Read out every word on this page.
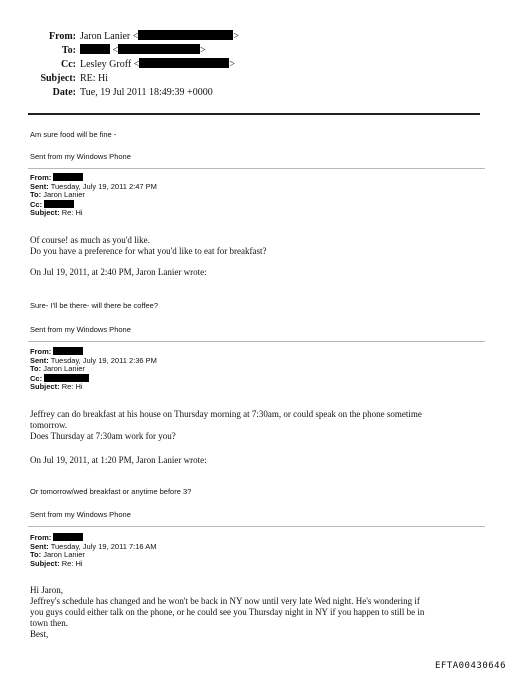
From: Jaron Lanier <	>
To:	<	>
Cc: Lesley Groff <	>
Subject: RE: Hi
Date: Tue, 19 Jul 2011 18:49:39 +0000
Am sure food will be fine -
Sent from my Windows Phone
From:
Sent: Tuesday, July 19, 2011 2:47 PM
To: Jaron Lanier
Cc:
Subject: Re: Hi
Of course! as much as you'd like.
Do you have a preference for what you'd like to eat for breakfast?
On Jul 19, 2011, at 2:40 PM, Jaron Lanier wrote:
Sure- I'll be there- will there be coffee?
Sent from my Windows Phone
From:
Sent: Tuesday, July 19, 2011 2:36 PM
To: Jaron Lanier
Cc:
Subject: Re: Hi
Jeffrey can do breakfast at his house on Thursday morning at 7:30am, or could speak on the phone sometime
tomorrow.
Does Thursday at 7:30am work for you?
On Jul 19, 2011, at 1:20 PM, Jaron Lanier wrote:
Or tomorrow/wed breakfast or anytime before 3?
Sent from my Windows Phone
From:
Sent: Tuesday, July 19, 2011 7:16 AM
To: Jaron Lanier
Subject: Re: Hi
Hi Jaron,
Jeffrey's schedule has changed and he won't be back in NY now until very late Wed night. He's wondering if
you guys could either talk on the phone, or he could see you Thursday night in NY if you happen to still be in
town then.
Best,
EFTA00430646
